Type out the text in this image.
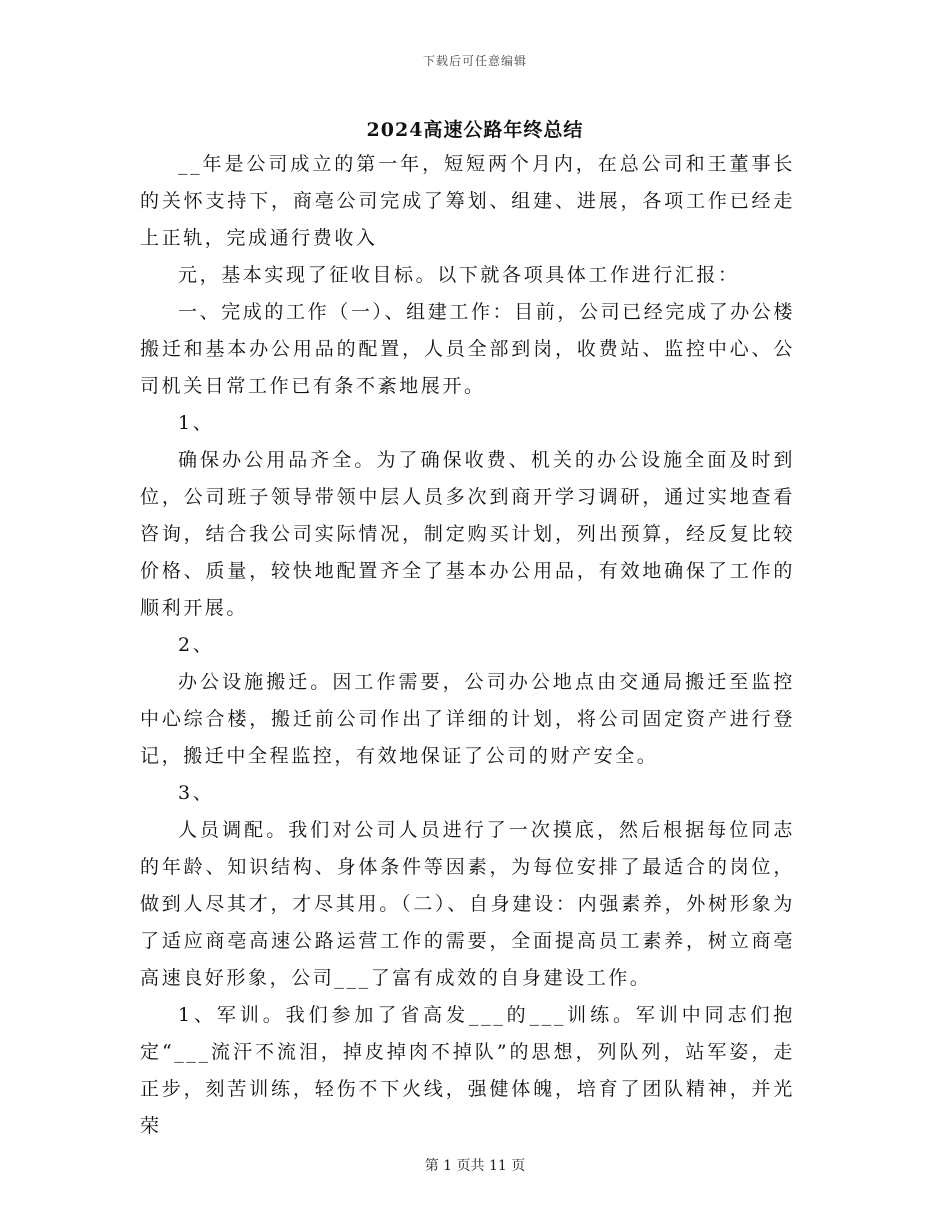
下载后可任意编辑
2024高速公路年终总结

__年是公司成立的第一年，短短两个月内，在总公司和王董事长的关怀支持下，商亳公司完成了筹划、组建、进展，各项工作已经走上正轨，完成通行费收入

元，基本实现了征收目标。以下就各项具体工作进行汇报：

一、完成的工作（一）、组建工作：目前，公司已经完成了办公楼搬迁和基本办公用品的配置，人员全部到岗，收费站、监控中心、公司机关日常工作已有条不紊地展开。

1、

确保办公用品齐全。为了确保收费、机关的办公设施全面及时到位，公司班子领导带领中层人员多次到商开学习调研，通过实地查看咨询，结合我公司实际情况，制定购买计划，列出预算，经反复比较价格、质量，较快地配置齐全了基本办公用品，有效地确保了工作的顺利开展。

2、

办公设施搬迁。因工作需要，公司办公地点由交通局搬迁至监控中心综合楼，搬迁前公司作出了详细的计划，将公司固定资产进行登记，搬迁中全程监控，有效地保证了公司的财产安全。

3、

人员调配。我们对公司人员进行了一次摸底，然后根据每位同志的年龄、知识结构、身体条件等因素，为每位安排了最适合的岗位，做到人尽其才，才尽其用。（二）、自身建设：内强素养，外树形象为了适应商亳高速公路运营工作的需要，全面提高员工素养，树立商亳高速良好形象，公司___了富有成效的自身建设工作。

1、军训。我们参加了省高发___的___训练。军训中同志们抱定“___流汗不流泪，掉皮掉肉不掉队”的思想，列队列，站军姿，走正步，刻苦训练，轻伤不下火线，强健体魄，培育了团队精神，并光荣

第 1 页共 11 页
